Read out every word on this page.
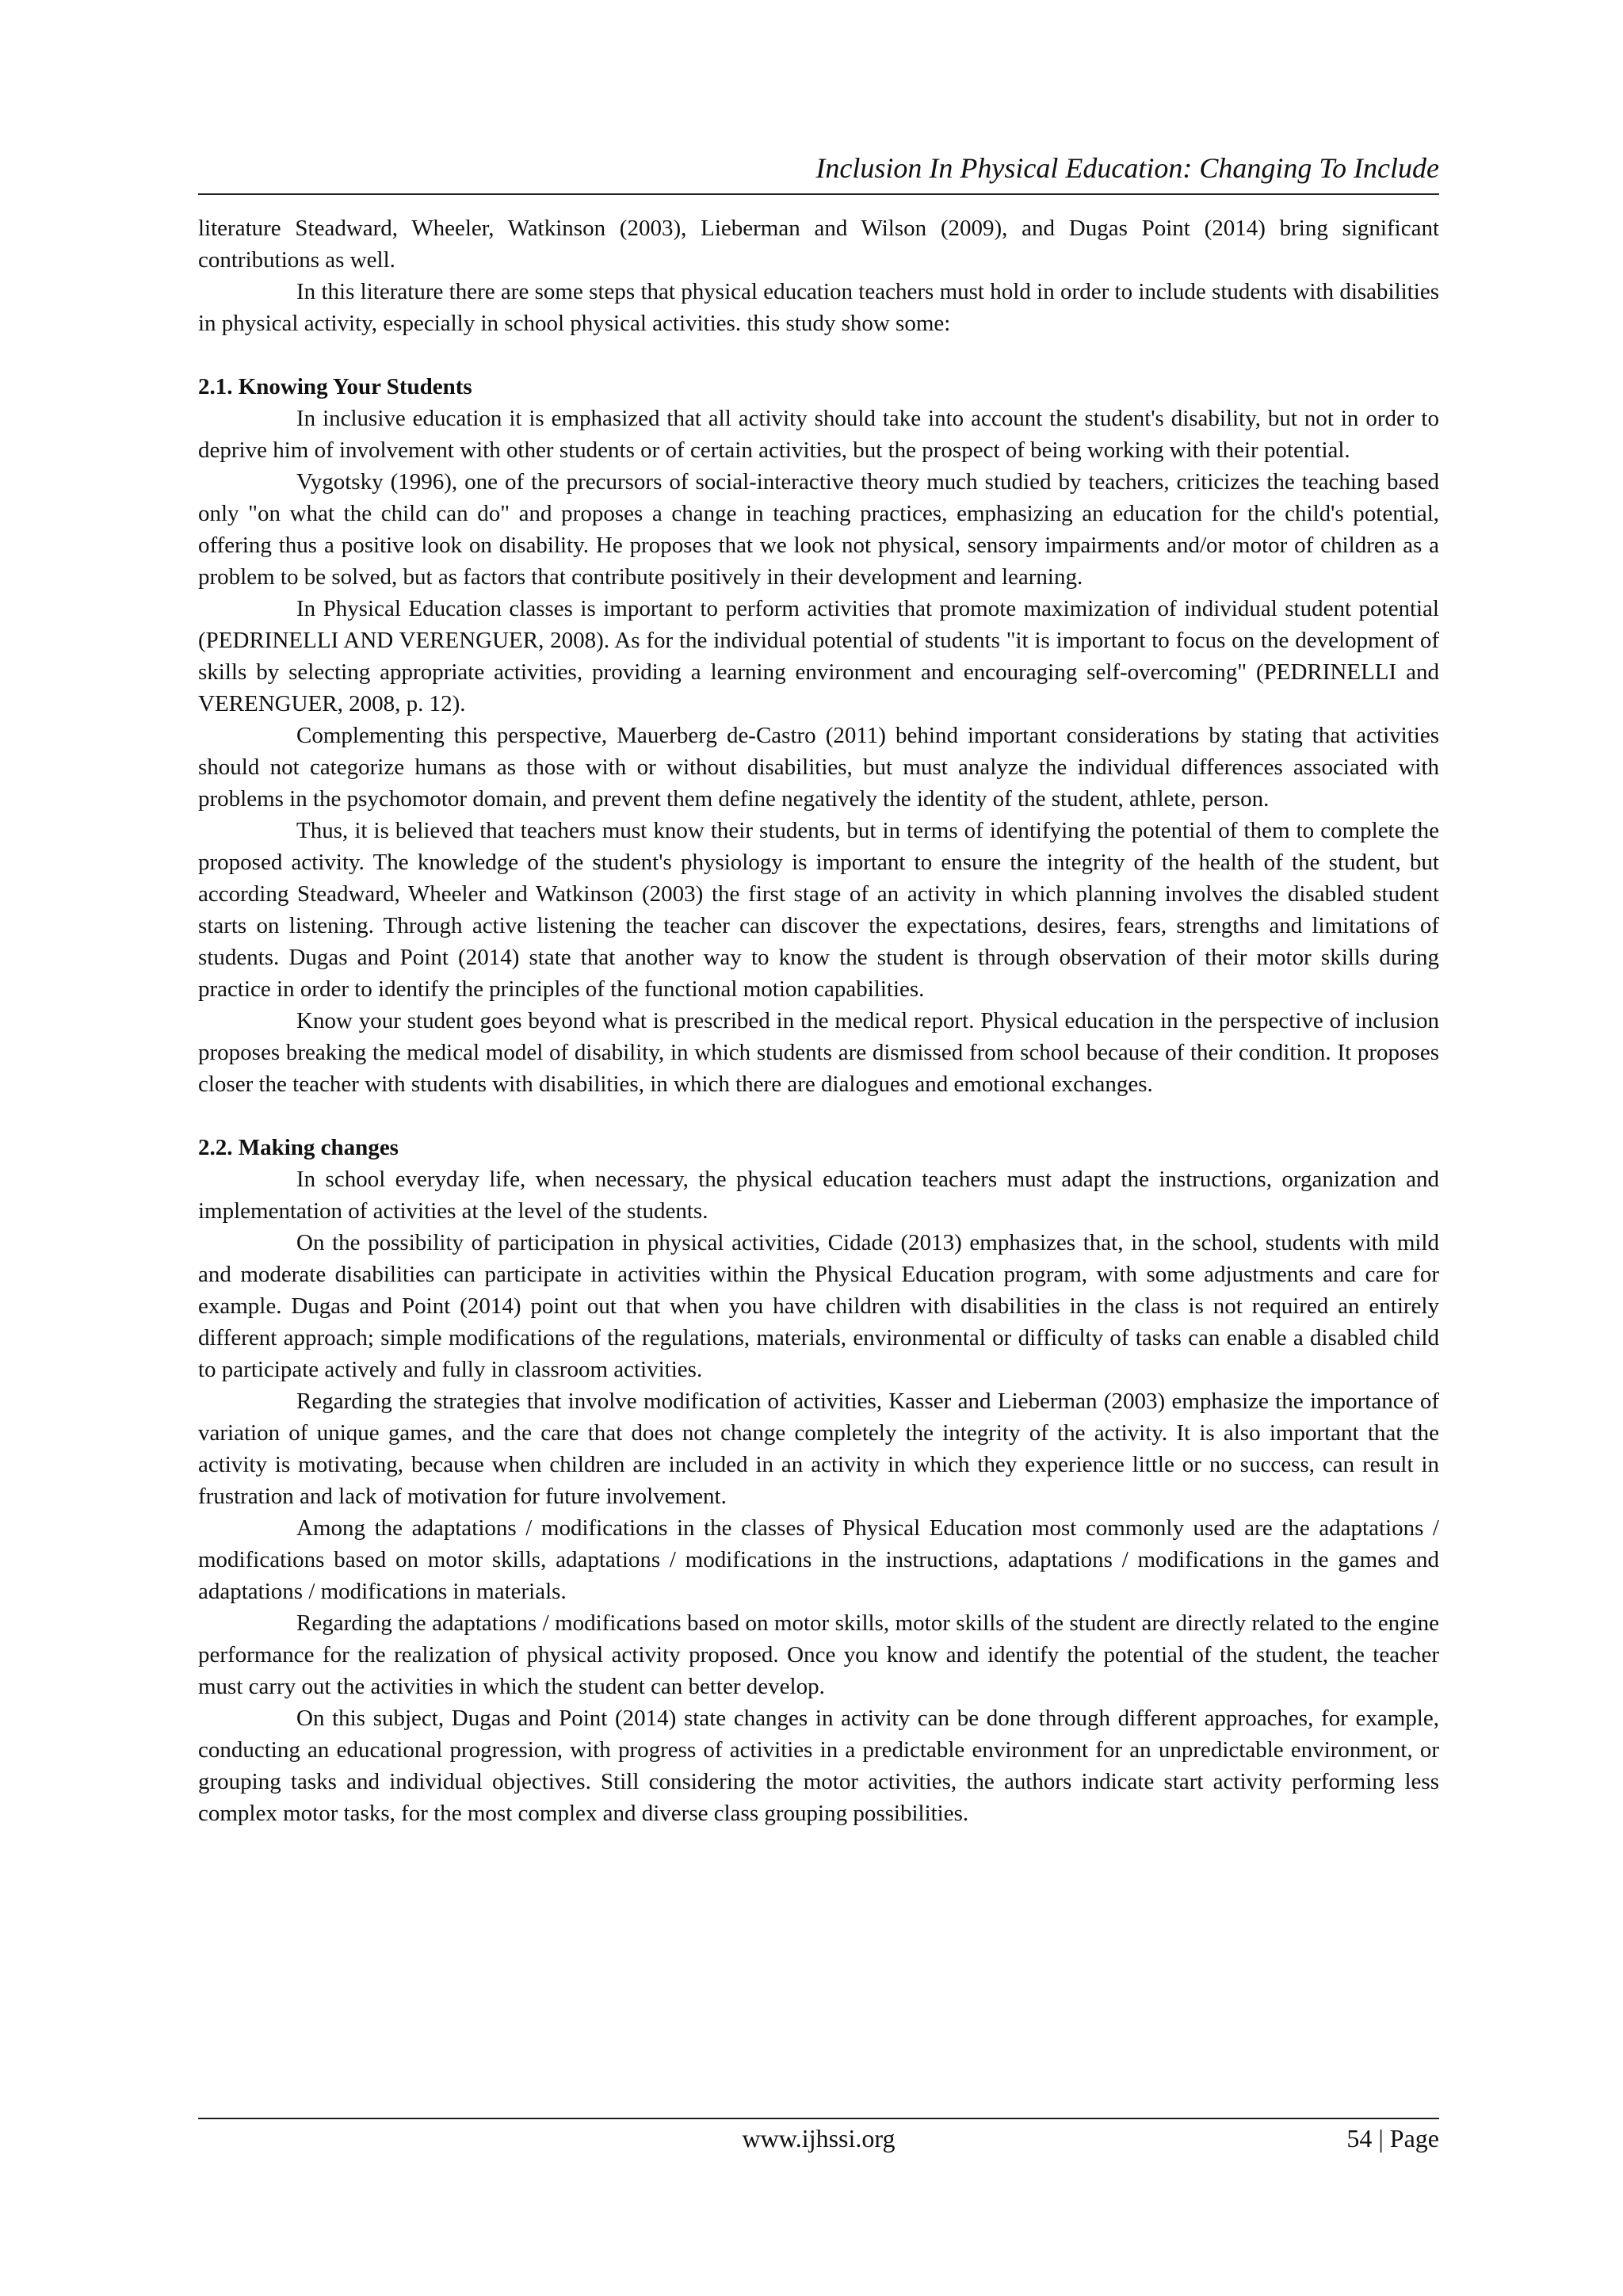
Inclusion In Physical Education: Changing To Include

literature Steadward, Wheeler, Watkinson (2003), Lieberman and Wilson (2009), and Dugas Point (2014) bring significant contributions as well.

In this literature there are some steps that physical education teachers must hold in order to include students with disabilities in physical activity, especially in school physical activities. this study show some:

2.1. Knowing Your Students

In inclusive education it is emphasized that all activity should take into account the student's disability, but not in order to deprive him of involvement with other students or of certain activities, but the prospect of being working with their potential.

Vygotsky (1996), one of the precursors of social-interactive theory much studied by teachers, criticizes the teaching based only "on what the child can do" and proposes a change in teaching practices, emphasizing an education for the child's potential, offering thus a positive look on disability. He proposes that we look not physical, sensory impairments and/or motor of children as a problem to be solved, but as factors that contribute positively in their development and learning.

In Physical Education classes is important to perform activities that promote maximization of individual student potential (PEDRINELLI AND VERENGUER, 2008). As for the individual potential of students "it is important to focus on the development of skills by selecting appropriate activities, providing a learning environment and encouraging self-overcoming" (PEDRINELLI and VERENGUER, 2008, p. 12).

Complementing this perspective, Mauerberg de-Castro (2011) behind important considerations by stating that activities should not categorize humans as those with or without disabilities, but must analyze the individual differences associated with problems in the psychomotor domain, and prevent them define negatively the identity of the student, athlete, person.

Thus, it is believed that teachers must know their students, but in terms of identifying the potential of them to complete the proposed activity. The knowledge of the student's physiology is important to ensure the integrity of the health of the student, but according Steadward, Wheeler and Watkinson (2003) the first stage of an activity in which planning involves the disabled student starts on listening. Through active listening the teacher can discover the expectations, desires, fears, strengths and limitations of students. Dugas and Point (2014) state that another way to know the student is through observation of their motor skills during practice in order to identify the principles of the functional motion capabilities.

Know your student goes beyond what is prescribed in the medical report. Physical education in the perspective of inclusion proposes breaking the medical model of disability, in which students are dismissed from school because of their condition. It proposes closer the teacher with students with disabilities, in which there are dialogues and emotional exchanges.

2.2. Making changes

In school everyday life, when necessary, the physical education teachers must adapt the instructions, organization and implementation of activities at the level of the students.

On the possibility of participation in physical activities, Cidade (2013) emphasizes that, in the school, students with mild and moderate disabilities can participate in activities within the Physical Education program, with some adjustments and care for example. Dugas and Point (2014) point out that when you have children with disabilities in the class is not required an entirely different approach; simple modifications of the regulations, materials, environmental or difficulty of tasks can enable a disabled child to participate actively and fully in classroom activities.

Regarding the strategies that involve modification of activities, Kasser and Lieberman (2003) emphasize the importance of variation of unique games, and the care that does not change completely the integrity of the activity. It is also important that the activity is motivating, because when children are included in an activity in which they experience little or no success, can result in frustration and lack of motivation for future involvement.

Among the adaptations / modifications in the classes of Physical Education most commonly used are the adaptations / modifications based on motor skills, adaptations / modifications in the instructions, adaptations / modifications in the games and adaptations / modifications in materials.

Regarding the adaptations / modifications based on motor skills, motor skills of the student are directly related to the engine performance for the realization of physical activity proposed. Once you know and identify the potential of the student, the teacher must carry out the activities in which the student can better develop.

On this subject, Dugas and Point (2014) state changes in activity can be done through different approaches, for example, conducting an educational progression, with progress of activities in a predictable environment for an unpredictable environment, or grouping tasks and individual objectives. Still considering the motor activities, the authors indicate start activity performing less complex motor tasks, for the most complex and diverse class grouping possibilities.

www.ijhssi.org	54 | Page
